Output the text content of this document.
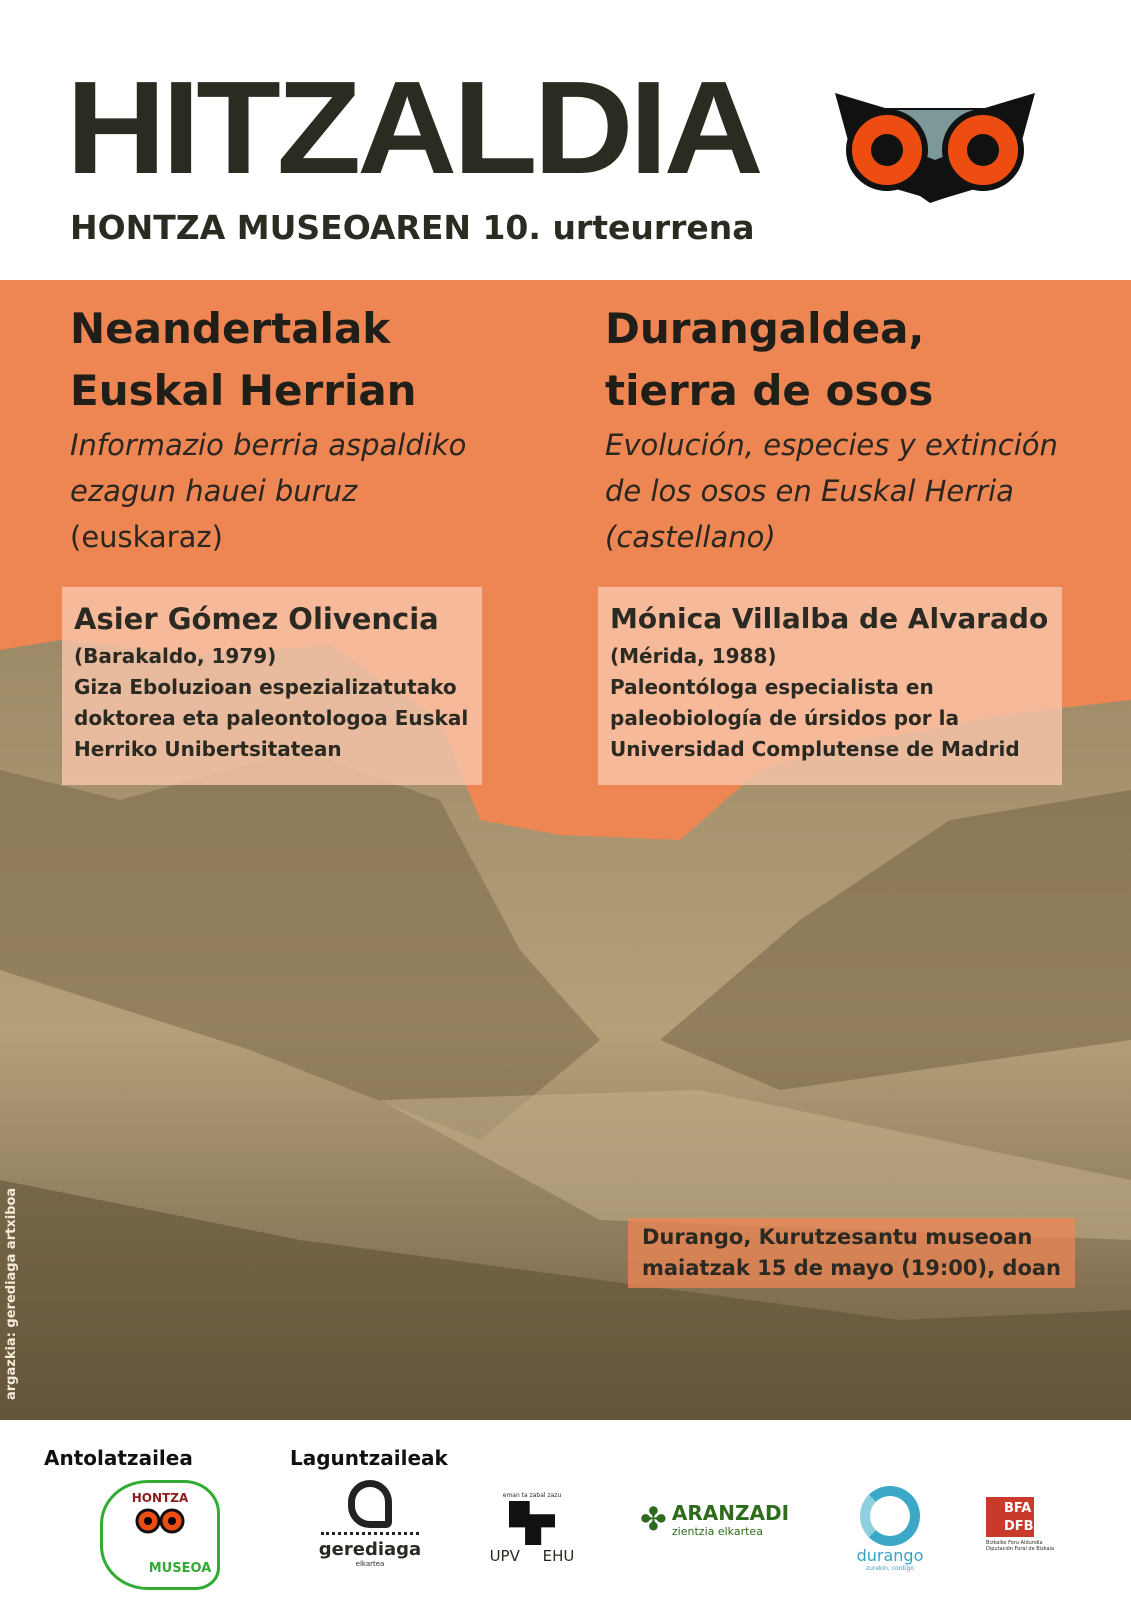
HITZALDIA
HONTZA MUSEOAREN 10. urteurrena
Neandertalak
Euskal Herrian
Informazio berria aspaldiko
ezagun hauei buruz
(euskaraz)
Asier Gómez Olivencia
(Barakaldo, 1979)
Giza Eboluzioan espezializatutako
doktorea eta paleontologoa Euskal
Herriko Unibertsitatean
Durangaldea,
tierra de osos
Evolución, especies y extinción
de los osos en Euskal Herria
(castellano)
Mónica Villalba de Alvarado
(Mérida, 1988)
Paleontóloga especialista en
paleobiología de úrsidos por la
Universidad Complutense de Madrid
Durango, Kurutzesantu museoan
maiatzak 15 de mayo (19:00), doan
argazkia: gerediaga artxiboa
Antolatzailea	Laguntzaileak
HONTZA
MUSEOA
gerediaga
elkartea
eman ta zabal zazu
UPV EHU
✤ ARANZADI
zientzia elkartea
durango
zurekin, contigo
BFA
DFB
Bizkaiko Foru Aldundia
Diputación Foral de Bizkaia
